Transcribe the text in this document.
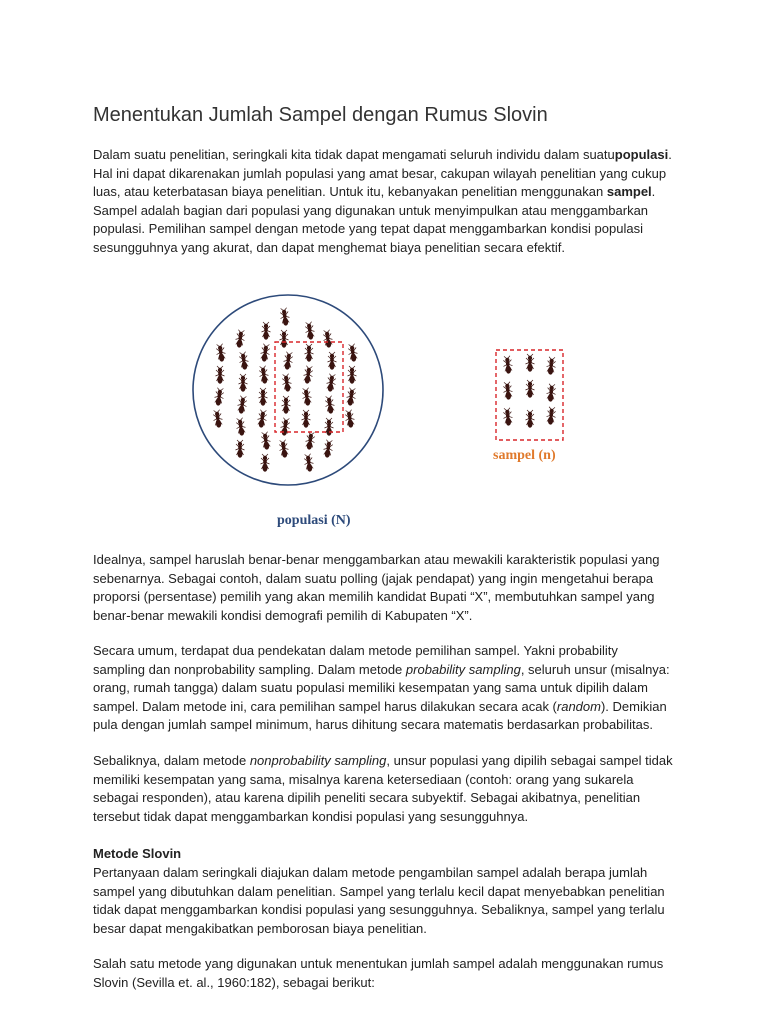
Menentukan Jumlah Sampel dengan Rumus Slovin

Dalam suatu penelitian, seringkali kita tidak dapat mengamati seluruh individu dalam suatupopulasi. Hal ini dapat dikarenakan jumlah populasi yang amat besar, cakupan wilayah penelitian yang cukup luas, atau keterbatasan biaya penelitian. Untuk itu, kebanyakan penelitian menggunakan sampel. Sampel adalah bagian dari populasi yang digunakan untuk menyimpulkan atau menggambarkan populasi. Pemilihan sampel dengan metode yang tepat dapat menggambarkan kondisi populasi sesungguhnya yang akurat, dan dapat menghemat biaya penelitian secara efektif.

populasi (N)
sampel (n)

Idealnya, sampel haruslah benar-benar menggambarkan atau mewakili karakteristik populasi yang sebenarnya. Sebagai contoh, dalam suatu polling (jajak pendapat) yang ingin mengetahui berapa proporsi (persentase) pemilih yang akan memilih kandidat Bupati “X”, membutuhkan sampel yang benar-benar mewakili kondisi demografi pemilih di Kabupaten “X”.

Secara umum, terdapat dua pendekatan dalam metode pemilihan sampel. Yakni probability sampling dan nonprobability sampling. Dalam metode probability sampling, seluruh unsur (misalnya: orang, rumah tangga) dalam suatu populasi memiliki kesempatan yang sama untuk dipilih dalam sampel. Dalam metode ini, cara pemilihan sampel harus dilakukan secara acak (random). Demikian pula dengan jumlah sampel minimum, harus dihitung secara matematis berdasarkan probabilitas.

Sebaliknya, dalam metode nonprobability sampling, unsur populasi yang dipilih sebagai sampel tidak memiliki kesempatan yang sama, misalnya karena ketersediaan (contoh: orang yang sukarela sebagai responden), atau karena dipilih peneliti secara subyektif. Sebagai akibatnya, penelitian tersebut tidak dapat menggambarkan kondisi populasi yang sesungguhnya.

Metode Slovin

Pertanyaan dalam seringkali diajukan dalam metode pengambilan sampel adalah berapa jumlah sampel yang dibutuhkan dalam penelitian. Sampel yang terlalu kecil dapat menyebabkan penelitian tidak dapat menggambarkan kondisi populasi yang sesungguhnya. Sebaliknya, sampel yang terlalu besar dapat mengakibatkan pemborosan biaya penelitian.

Salah satu metode yang digunakan untuk menentukan jumlah sampel adalah menggunakan rumus Slovin (Sevilla et. al., 1960:182), sebagai berikut:
